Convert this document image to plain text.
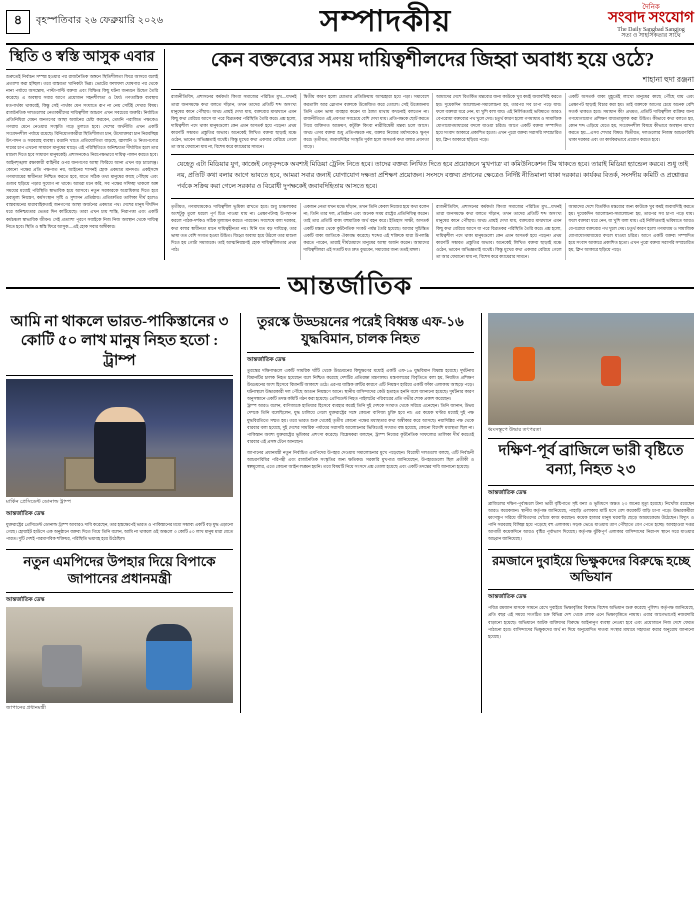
৪	বৃহস্পতিবার ২৬ ফেব্রুয়ারি ২০২৬	সম্পাদকীয়	দৈনিক
সংবাদ সংযোগ
The Daily Sangbad Sangjog
সত্য ও সাহসিকতার সাথে
স্থিতি ও স্বস্তি আসুক এবার
শুরুতেই নির্বাচন সম্পন্ন হওয়ার পর রাজনৈতিক অঙ্গনে স্থিতিশীলতা ফিরে আসবে বলেই প্রত্যাশা করা হচ্ছিল। তবে বাস্তবতা খানিকটা ভিন্ন। ভোটের ফলাফল ঘোষণার পর থেকে নানা পর্যায়ে অসন্তোষ, পাল্টাপাল্টি বক্তব্য এবং বিক্ষিপ্ত কিছু ঘটনা জনমনে উদ্বেগ তৈরি করেছে। এ অবস্থায় সবার আগে প্রয়োজন সহনশীলতা ও ধৈর্য। গণতান্ত্রিক ব্যবস্থায় মতপার্থক্য থাকবেই, কিন্তু সেই পার্থক্য যেন সংঘাতে রূপ না নেয় সেটিই দেখার বিষয়। রাজনৈতিক দলগুলোর নেতাকর্মীদের দায়িত্বশীল আচরণ এখন সবচেয়ে জরুরি। নির্বাচিত প্রতিনিধিরা যেমন জনগণের আস্থা অর্জনের চেষ্টা করবেন, তেমনি পরাজিত পক্ষকেও গণরায় মেনে নেওয়ার সংস্কৃতি গড়ে তুলতে হবে। দেশের অর্থনীতি এখন একটি সংবেদনশীল পর্যায়ে রয়েছে। বিনিয়োগকারীরা স্থিতিশীলতা চান, উদ্যোক্তারা চান নিরবচ্ছিন্ন উৎপাদন ও সরবরাহ ব্যবস্থা। রপ্তানি খাতে প্রতিযোগিতা বাড়ছে, জ্বালানি ও নিত্যপণ্যের দামের চাপ এখনো সাধারণ মানুষের ঘাড়ে। এই পরিস্থিতিতে অনিশ্চয়তা দীর্ঘায়িত হলে তার মাশুল দিতে হবে সাধারণ মানুষকেই। প্রশাসনকেও নিরপেক্ষভাবে দায়িত্ব পালন করতে হবে। আইনশৃঙ্খলা রক্ষাকারী বাহিনীর ওপর জনগণের আস্থা ফিরিয়ে আনা এখন বড় চ্যালেঞ্জ। কোনো পক্ষের প্রতি পক্ষপাত নয়, আইনের শাসনই হোক একমাত্র মানদণ্ড। একইসঙ্গে গণমাধ্যমের স্বাধীনতা নিশ্চিত করতে হবে, যাতে সঠিক তথ্য মানুষের কাছে পৌঁছায় এবং গুজব ছড়িয়ে পড়ার সুযোগ না থাকে। আমরা মনে করি, সব পক্ষের সদিচ্ছা থাকলে অল্প সময়ের মধ্যেই পরিস্থিতি স্বাভাবিক হয়ে আসবে। নতুন সরকারকে অগ্রাধিকার দিতে হবে দ্রব্যমূল্য নিয়ন্ত্রণ, কর্মসংস্থান সৃষ্টি ও সুশাসন প্রতিষ্ঠায়। প্রতিশ্রুতির তালিকা দীর্ঘ হলেও বাস্তবায়নের ধারাবাহিকতাই জনগণের আস্থা অর্জনের একমাত্র পথ। দেশের মানুষ দীর্ঘদিন ধরে অনিশ্চয়তার ভেতর দিন কাটিয়েছে। তারা এখন চায় শান্তি, নিরাপত্তা এবং একটি কর্মচঞ্চল স্বাভাবিক জীবন। সেই প্রত্যাশা পূরণে সবাইকে নিজ নিজ অবস্থান থেকে দায়িত্ব নিতে হবে। স্থিতি ও স্বস্তি ফিরে আসুক—এই হোক সবার অঙ্গীকার।
কেন বক্তব্যের সময় দায়িত্বশীলদের জিহ্বা অবাধ্য হয়ে ওঠে?
শাহানা হুদা রঞ্জনা

রাজনীতিবিদ, প্রশাসনের কর্মকর্তা কিংবা সমাজের পরিচিত মুখ—যখনই তারা জনসমক্ষে কথা বলতে দাঁড়ান, তখন তাদের প্রতিটি শব্দ অসংখ্য মানুষের কানে পৌঁছায়। অথচ প্রায়ই দেখা যায়, বক্তব্যের মাঝখানে এমন কিছু কথা বেরিয়ে আসে যা পরে বিব্রতকর পরিস্থিতি তৈরি করে। প্রশ্ন হলো, দায়িত্বশীল পদে থাকা মানুষগুলো কেন এমন অসতর্ক হয়ে পড়েন? প্রথম কারণটি সম্ভবত প্রস্তুতির অভাব। অনেকেই লিখিত বক্তব্য ছাড়াই মঞ্চে ওঠেন, ভাবেন অভিজ্ঞতাই যথেষ্ট। কিন্তু মুখের কথা একবার বেরিয়ে গেলে তা আর ফেরানো যায় না, বিশেষ করে ক্যামেরার সামনে।

দ্বিতীয় কারণ হলো শ্রোতার প্রতিক্রিয়ায় আত্মহারা হয়ে পড়া। সমাবেশে করতালি আর স্লোগান বক্তাকে উত্তেজিত করে তোলে। সেই উত্তেজনায় তিনি এমন ভাষা ব্যবহার করেন যা ঠান্ডা মাথায় কখনোই বলতেন না। রাজনীতিতে এই প্রবণতা সবচেয়ে বেশি দেখা যায়। প্রতিপক্ষকে ছোট করতে গিয়ে ব্যক্তিগত আক্রমণ, কটূক্তি কিংবা নারীবিদ্বেষী মন্তব্য চলে আসে। অথচ এসব বক্তব্য শুধু প্রতিপক্ষকে নয়, বক্তার নিজের মর্যাদাকেও ক্ষুণ্ন করে। তৃতীয়ত, জবাবদিহির সংস্কৃতি দুর্বল হলে অসতর্ক কথা বলার প্রবণতা বাড়ে।

আমাদের দেশে বিতর্কিত মন্তব্যের জন্য কাউকে খুব কমই জবাবদিহি করতে হয়। দুয়েকদিন আলোচনা-সমালোচনা হয়, তারপর সব চাপা পড়ে যায়। ফলে বক্তারা ধরে নেন, যা খুশি বলা যায়। এই নির্লিপ্ততাই ভবিষ্যতে আরও বেপরোয়া বক্তব্যের পথ খুলে দেয়। চতুর্থ কারণ হলো গণমাধ্যম ও সামাজিক যোগাযোগমাধ্যমের বদলে যাওয়া চরিত্র। আগে একটি বক্তব্য সম্পাদিত হয়ে সংবাদ আকারে প্রকাশিত হতো। এখন পুরো বক্তব্য সরাসরি সম্প্রচারিত হয়, ক্লিপ আকারে ছড়িয়ে পড়ে।

একটি অসতর্ক বাক্য মুহূর্তেই লাখো মানুষের কাছে পৌঁছে যায় এবং প্রেক্ষাপট ছাড়াই বিচার করা হয়। তাই বক্তাকে আগের চেয়ে অনেক বেশি সতর্ক থাকতে হবে। সমাধান কী? প্রথমত, প্রতিটি দায়িত্বশীল ব্যক্তির জন্য গণযোগাযোগ প্রশিক্ষণ বাধ্যতামূলক করা উচিত। কীভাবে কথা বলতে হয়, কোন শব্দ এড়িয়ে যেতে হয়, সংবেদনশীল বিষয়ে কীভাবে অবস্থান ব্যাখ্যা করতে হয়—এসব শেখার বিষয়। দ্বিতীয়ত, দলগুলোর নিজস্ব আচরণবিধি থাকা দরকার এবং তা কার্যকরভাবে প্রয়োগ করতে হবে।

যেহেতু এটা মিডিয়ার যুগ, কাজেই নেতৃবৃন্দকে অবশ্যই মিডিয়া ট্রেনিং নিতে হবে। তাদের বক্তব্য লিখিত দিতে হবে প্রয়োজনে 'মুখপাত্র' বা কমিউনিকেশন টিম থাকতে হবে। তারাই মিডিয়া হ্যান্ডেল করবে। শুধু তাই নয়, প্রতিটি কথা বলার আগে ভাবতে হবে, আমরা সবার জন্যই যোগাযোগ দক্ষতা প্রশিক্ষণ প্রয়োজন। সংসদে বক্তব্য প্রদানের ক্ষেত্রেও নির্দিষ্ট নীতিমালা থাকা দরকার। কার্যকর বিতর্ক, সংসদীয় কমিটি ও প্রশ্নোত্তর পর্বকে সক্রিয় করা গেলে সরকার ও বিরোধী দুপক্ষকেই জবাবদিহিতায় আসতে হবে।

তৃতীয়ত, গণমাধ্যমকেও দায়িত্বশীল ভূমিকা রাখতে হবে। শুধু চাঞ্চল্যকর অংশটুকু তুলে ধরলে পূর্ণ চিত্র পাওয়া যায় না। প্রেক্ষাপটসহ উপস্থাপন করলে পাঠক-দর্শকও সঠিক মূল্যায়ন করতে পারবেন। সবশেষে বলা দরকার, কথা বলার স্বাধীনতা মানে দায়িত্বহীনতা নয়। যিনি যত বড় দায়িত্বে, তার ভাষা তত বেশি সংযত হওয়া উচিত। জিহ্বা অবাধ্য হয়ে উঠলে তার মাশুল দিতে হয় গোটা সমাজকে। তাই আত্মনিয়ন্ত্রণই হোক দায়িত্বশীলতার প্রথম পাঠ।

একজন নেতা যখন মঞ্চে দাঁড়ান, তখন তিনি কেবল নিজের হয়ে কথা বলেন না; তিনি তার দল, প্রতিষ্ঠান এবং অনেক সময় রাষ্ট্রের প্রতিনিধিত্ব করেন। তাই তার প্রতিটি বাক্য বহুমাত্রিক অর্থ বহন করে। ইতিহাস সাক্ষী, অসতর্ক একটি মন্তব্য থেকে কূটনৈতিক সংকট পর্যন্ত তৈরি হয়েছে। আবার সুচিন্তিত একটি বাক্য জাতিকে ঐক্যবদ্ধ করেছে। শব্দের এই শক্তিকে যারা উপলব্ধি করতে পারেন, তারাই দীর্ঘমেয়াদে মানুষের আস্থা অর্জন করেন। আমাদের দায়িত্বশীলরা এই সত্যটি যত দ্রুত বুঝবেন, সমাজের জন্য ততই মঙ্গল।

রাজনীতিবিদ, প্রশাসনের কর্মকর্তা কিংবা সমাজের পরিচিত মুখ—যখনই তারা জনসমক্ষে কথা বলতে দাঁড়ান, তখন তাদের প্রতিটি শব্দ অসংখ্য মানুষের কানে পৌঁছায়। অথচ প্রায়ই দেখা যায়, বক্তব্যের মাঝখানে এমন কিছু কথা বেরিয়ে আসে যা পরে বিব্রতকর পরিস্থিতি তৈরি করে। প্রশ্ন হলো, দায়িত্বশীল পদে থাকা মানুষগুলো কেন এমন অসতর্ক হয়ে পড়েন? প্রথম কারণটি সম্ভবত প্রস্তুতির অভাব। অনেকেই লিখিত বক্তব্য ছাড়াই মঞ্চে ওঠেন, ভাবেন অভিজ্ঞতাই যথেষ্ট। কিন্তু মুখের কথা একবার বেরিয়ে গেলে তা আর ফেরানো যায় না, বিশেষ করে ক্যামেরার সামনে।

আমাদের দেশে বিতর্কিত মন্তব্যের জন্য কাউকে খুব কমই জবাবদিহি করতে হয়। দুয়েকদিন আলোচনা-সমালোচনা হয়, তারপর সব চাপা পড়ে যায়। ফলে বক্তারা ধরে নেন, যা খুশি বলা যায়। এই নির্লিপ্ততাই ভবিষ্যতে আরও বেপরোয়া বক্তব্যের পথ খুলে দেয়। চতুর্থ কারণ হলো গণমাধ্যম ও সামাজিক যোগাযোগমাধ্যমের বদলে যাওয়া চরিত্র। আগে একটি বক্তব্য সম্পাদিত হয়ে সংবাদ আকারে প্রকাশিত হতো। এখন পুরো বক্তব্য সরাসরি সম্প্রচারিত হয়, ক্লিপ আকারে ছড়িয়ে পড়ে।

আন্তর্জাতিক
আমি না থাকলে ভারত-পাকিস্তানের ৩ কোটি ৫০ লাখ মানুষ নিহত হতো : ট্রাম্প
মার্কিন প্রেসিডেন্ট ডোনাল্ড ট্রাম্প
আন্তর্জাতিক ডেস্ক
যুক্তরাষ্ট্রের প্রেসিডেন্ট ডোনাল্ড ট্রাম্প আবারও দাবি করেছেন, তার হস্তক্ষেপেই ভারত ও পাকিস্তানের মধ্যে সম্ভাব্য একটি বড় যুদ্ধ এড়ানো গেছে। হোয়াইট হাউসে এক অনুষ্ঠানে বক্তব্য দিতে গিয়ে তিনি বলেন, আমি না থাকলে ওই অঞ্চলে ৩ কোটি ৫০ লাখ মানুষ মারা যেতে পারত। দুটি দেশই পারমাণবিক শক্তিধর, পরিস্থিতি ভয়াবহ হয়ে উঠেছিল।
নতুন এমপিদের উপহার দিয়ে বিপাকে জাপানের প্রধানমন্ত্রী
আন্তর্জাতিক ডেস্ক
জাপানের প্রধানমন্ত্রী
তুরস্কে উড্ডয়নের পরেই বিধ্বস্ত এফ-১৬ যুদ্ধবিমান, চালক নিহত
আন্তর্জাতিক ডেস্ক
তুরস্কের দক্ষিণাঞ্চলে একটি সামরিক ঘাঁটি থেকে উড্ডয়নের কিছুক্ষণের মধ্যেই একটি এফ-১৬ যুদ্ধবিমান বিধ্বস্ত হয়েছে। দুর্ঘটনায় বিমানটির চালক নিহত হয়েছেন বলে নিশ্চিত করেছে দেশটির প্রতিরক্ষা মন্ত্রণালয়। মন্ত্রণালয়ের বিবৃতিতে বলা হয়, নিয়মিত প্রশিক্ষণ উড্ডয়নের অংশ হিসেবে বিমানটি আকাশে ওঠে। এরপর যান্ত্রিক ত্রুটির কারণে এটি নিয়ন্ত্রণ হারিয়ে একটি ফাঁকা এলাকায় আছড়ে পড়ে। ঘটনাস্থলে উদ্ধারকারী দল পৌঁছে আগুন নিয়ন্ত্রণে আনে। স্থানীয় বাসিন্দাদের কেউ হতাহত হননি বলে জানানো হয়েছে। দুর্ঘটনার কারণ অনুসন্ধানে একটি তদন্ত কমিটি গঠন করা হয়েছে। প্রেসিডেন্ট নিহত পাইলটের পরিবারের প্রতি গভীর শোক প্রকাশ করেছেন।
ট্রাম্প আরও বলেন, বাণিজ্যকে হাতিয়ার হিসেবে ব্যবহার করেই তিনি দুই দেশকে সংঘাত থেকে সরিয়ে এনেছেন। তিনি জানান, উভয় দেশকে তিনি বলেছিলেন, যুদ্ধ চালিয়ে গেলে যুক্তরাষ্ট্রের সঙ্গে কোনো বাণিজ্য চুক্তি হবে না। এর কয়েক ঘণ্টার মধ্যেই দুই পক্ষ যুদ্ধবিরতিতে সম্মত হয়। তবে ভারত শুরু থেকেই তৃতীয় কোনো পক্ষের মধ্যস্থতার কথা অস্বীকার করে আসছে। নয়াদিল্লির পক্ষ থেকে বারবার বলা হয়েছে, দুই দেশের সামরিক পর্যায়ের সরাসরি আলোচনার ভিত্তিতেই সংঘাত বন্ধ হয়েছে, কোনো বিদেশি মধ্যস্থতা ছিল না। পাকিস্তান অবশ্য যুক্তরাষ্ট্রের ভূমিকার প্রশংসা করেছে। বিশ্লেষকরা বলছেন, ট্রাম্প নিজের কূটনৈতিক সাফল্যের তালিকা দীর্ঘ করতেই বারবার এই প্রসঙ্গ টেনে আনছেন।
জাপানের প্রধানমন্ত্রী নতুন নির্বাচিত এমপিদের উপহার দেওয়ায় সমালোচনার মুখে পড়েছেন। বিরোধী দলগুলো বলছে, এটি নির্বাচনী আচরণবিধির পরিপন্থী এবং রাজনৈতিক সংস্কৃতির জন্য ক্ষতিকর। সরকারি মুখপাত্র জানিয়েছেন, উপহারগুলো ছিল প্রতীকী ও স্বল্পমূল্যের, এতে কোনো আইন লঙ্ঘন হয়নি। তবে বিষয়টি নিয়ে সংসদে প্রশ্ন তোলা হয়েছে এবং একটি তদন্তের দাবি জানানো হয়েছে।
ধ্বংসস্তূপে উদ্ধার তৎপরতা
দক্ষিণ-পূর্ব ব্রাজিলে ভারী বৃষ্টিতে বন্যা, নিহত ২৩
আন্তর্জাতিক ডেস্ক
ব্রাজিলের দক্ষিণ-পূর্বাঞ্চলে টানা ভারী বৃষ্টিপাতে সৃষ্ট বন্যা ও ভূমিধসে অন্তত ২৩ জনের মৃত্যু হয়েছে। নিখোঁজ রয়েছেন আরও কয়েকজন। স্থানীয় কর্তৃপক্ষ জানিয়েছে, পাহাড়ি এলাকায় মাটি ধসে বেশ কয়েকটি বাড়ি চাপা পড়ে। উদ্ধারকর্মীরা ধ্বংসস্তূপ সরিয়ে জীবিতদের খোঁজে কাজ করছেন। কয়েক হাজার মানুষ ঘরবাড়ি ছেড়ে আশ্রয়কেন্দ্রে উঠেছেন। বিদ্যুৎ ও পানি সরবরাহ বিচ্ছিন্ন হয়ে পড়েছে বহু এলাকায়। সড়ক ভেঙে যাওয়ায় ত্রাণ পৌঁছাতে বেগ পেতে হচ্ছে। আবহাওয়া দপ্তর আগামী কয়েকদিনে আরও বৃষ্টির পূর্বাভাস দিয়েছে। কর্তৃপক্ষ ঝুঁকিপূর্ণ এলাকার বাসিন্দাদের নিরাপদ স্থানে সরে যাওয়ার আহ্বান জানিয়েছে।
রমজানে দুবাইয়ে ভিক্ষুকদের বিরুদ্ধে হচ্ছে অভিযান
আন্তর্জাতিক ডেস্ক
পবিত্র রমজান মাসকে সামনে রেখে দুবাইয়ে ভিক্ষাবৃত্তির বিরুদ্ধে বিশেষ অভিযান শুরু করেছে পুলিশ। কর্তৃপক্ষ জানিয়েছে, প্রতি বছর এই সময়ে সংগঠিত চক্র বিভিন্ন দেশ থেকে লোক এনে ভিক্ষাবৃত্তিতে নামায়। এবার আগেভাগেই নজরদারি বাড়ানো হয়েছে। অভিযানে আটক ব্যক্তিদের বিরুদ্ধে আইনানুগ ব্যবস্থা নেওয়া হবে এবং প্রয়োজনে নিজ দেশে ফেরত পাঠানো হবে। বাসিন্দাদের ভিক্ষুকদের অর্থ না দিয়ে অনুমোদিত দাতব্য সংস্থার মাধ্যমে সহায়তা করার অনুরোধ জানানো হয়েছে।
